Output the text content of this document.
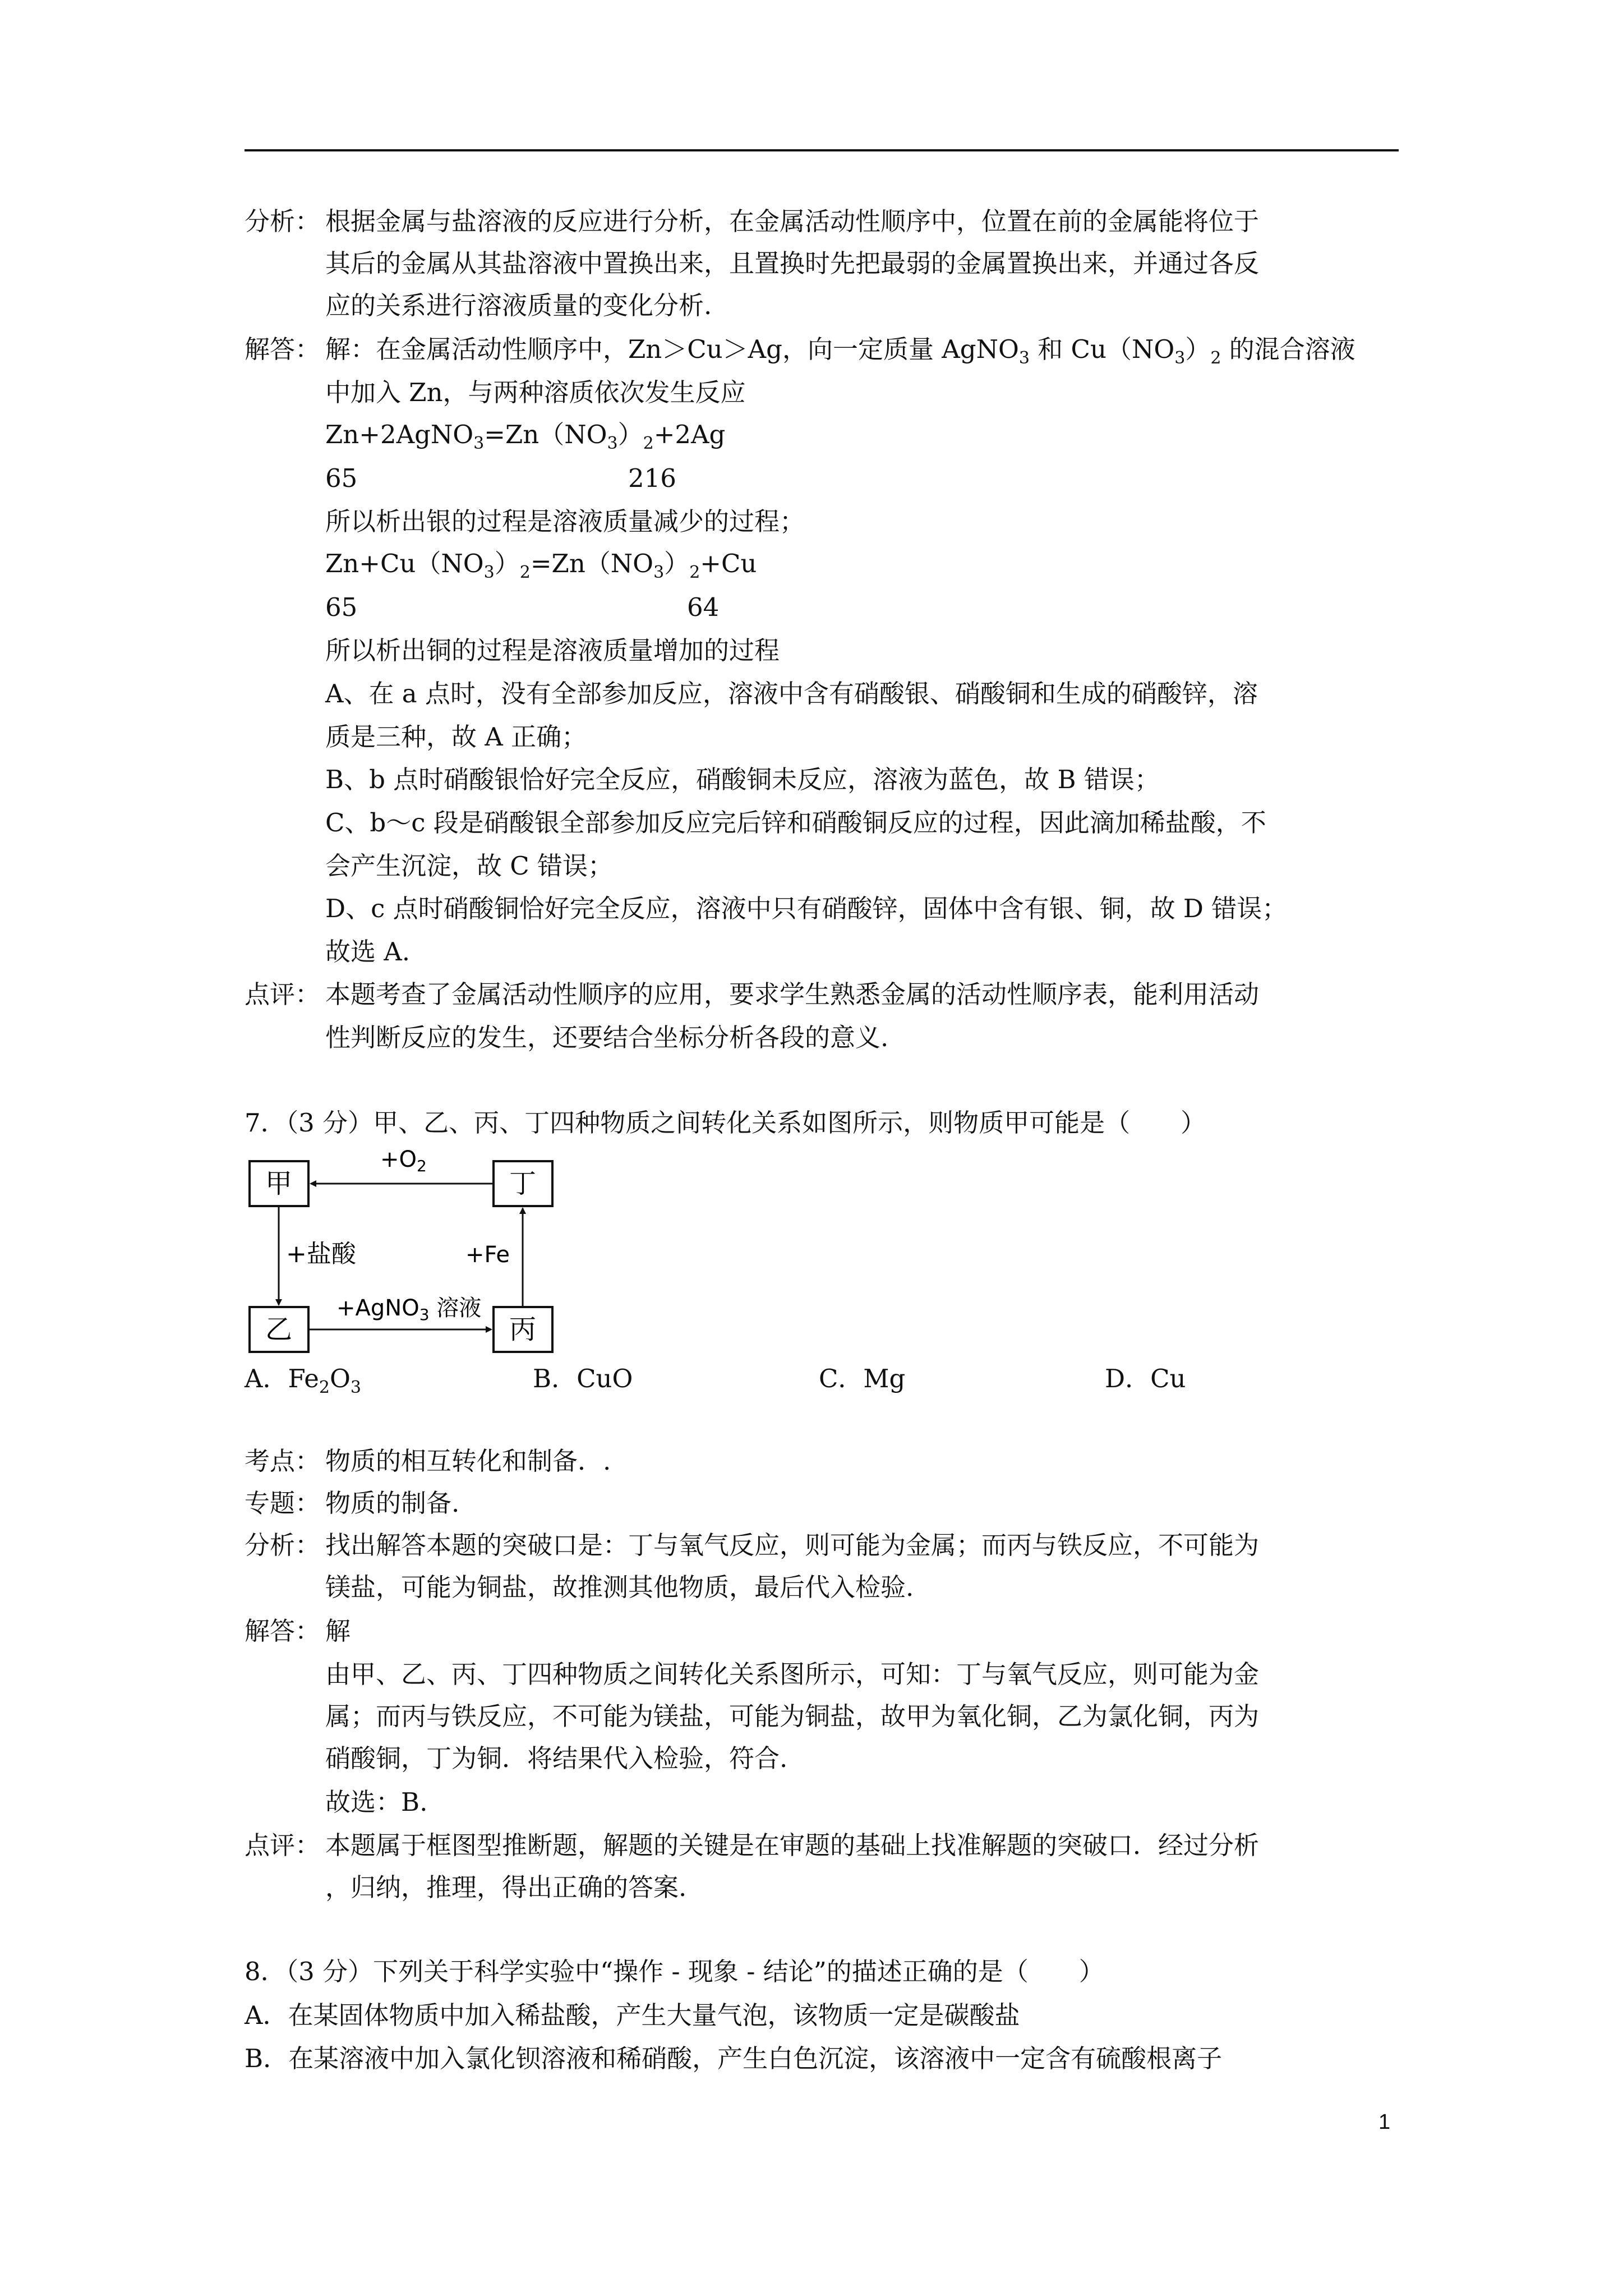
分析： 根据金属与盐溶液的反应进行分析，在金属活动性顺序中，位置在前的金属能将位于
其后的金属从其盐溶液中置换出来，且置换时先把最弱的金属置换出来，并通过各反
应的关系进行溶液质量的变化分析.
解答： 解：在金属活动性顺序中，Zn＞Cu＞Ag，向一定质量 AgNO$_3$ 和 $Cu(NO_3)_2$ 的混合溶液
中加入 Zn，与两种溶质依次发生反应
$Zn+2AgNO_3=Zn(NO_3)_2+2Ag$
65	216
所以析出银的过程是溶液质量减少的过程；
$Zn+Cu(NO_3)_2=Zn(NO_3)_2+Cu$
65	64
所以析出铜的过程是溶液质量增加的过程
A、在 a 点时，没有全部参加反应，溶液中含有硝酸银、硝酸铜和生成的硝酸锌，溶
质是三种，故 A 正确；
B、b 点时硝酸银恰好完全反应，硝酸铜未反应，溶液为蓝色，故 B 错误；
C、b～c 段是硝酸银全部参加反应完后锌和硝酸铜反应的过程，因此滴加稀盐酸，不
会产生沉淀，故 C 错误；
D、c 点时硝酸铜恰好完全反应，溶液中只有硝酸锌，固体中含有银、铜，故 D 错误；
故选 A.
点评： 本题考查了金属活动性顺序的应用，要求学生熟悉金属的活动性顺序表，能利用活动
性判断反应的发生，还要结合坐标分析各段的意义.
7．（3 分）甲、乙、丙、丁四种物质之间转化关系如图所示，则物质甲可能是（　　）
甲	丁
乙	丙
$+O_2$
+盐酸	+Fe
+AgNO$_3$ 溶液
A．$Fe_2O_3$	B．CuO	C．Mg	D．Cu
考点： 物质的相互转化和制备．.
专题： 物质的制备.
分析： 找出解答本题的突破口是：丁与氧气反应，则可能为金属；而丙与铁反应，不可能为
镁盐，可能为铜盐，故推测其他物质，最后代入检验.
解答： 解
由甲、乙、丙、丁四种物质之间转化关系图所示，可知：丁与氧气反应，则可能为金
属；而丙与铁反应，不可能为镁盐，可能为铜盐，故甲为氧化铜，乙为氯化铜，丙为
硝酸铜，丁为铜．将结果代入检验，符合.
故选：B.
点评： 本题属于框图型推断题，解题的关键是在审题的基础上找准解题的突破口．经过分析
，归纳，推理，得出正确的答案.
8．（3 分）下列关于科学实验中“操作 - 现象 - 结论”的描述正确的是（　　）
A．在某固体物质中加入稀盐酸，产生大量气泡，该物质一定是碳酸盐
B．在某溶液中加入氯化钡溶液和稀硝酸，产生白色沉淀，该溶液中一定含有硫酸根离子
1
